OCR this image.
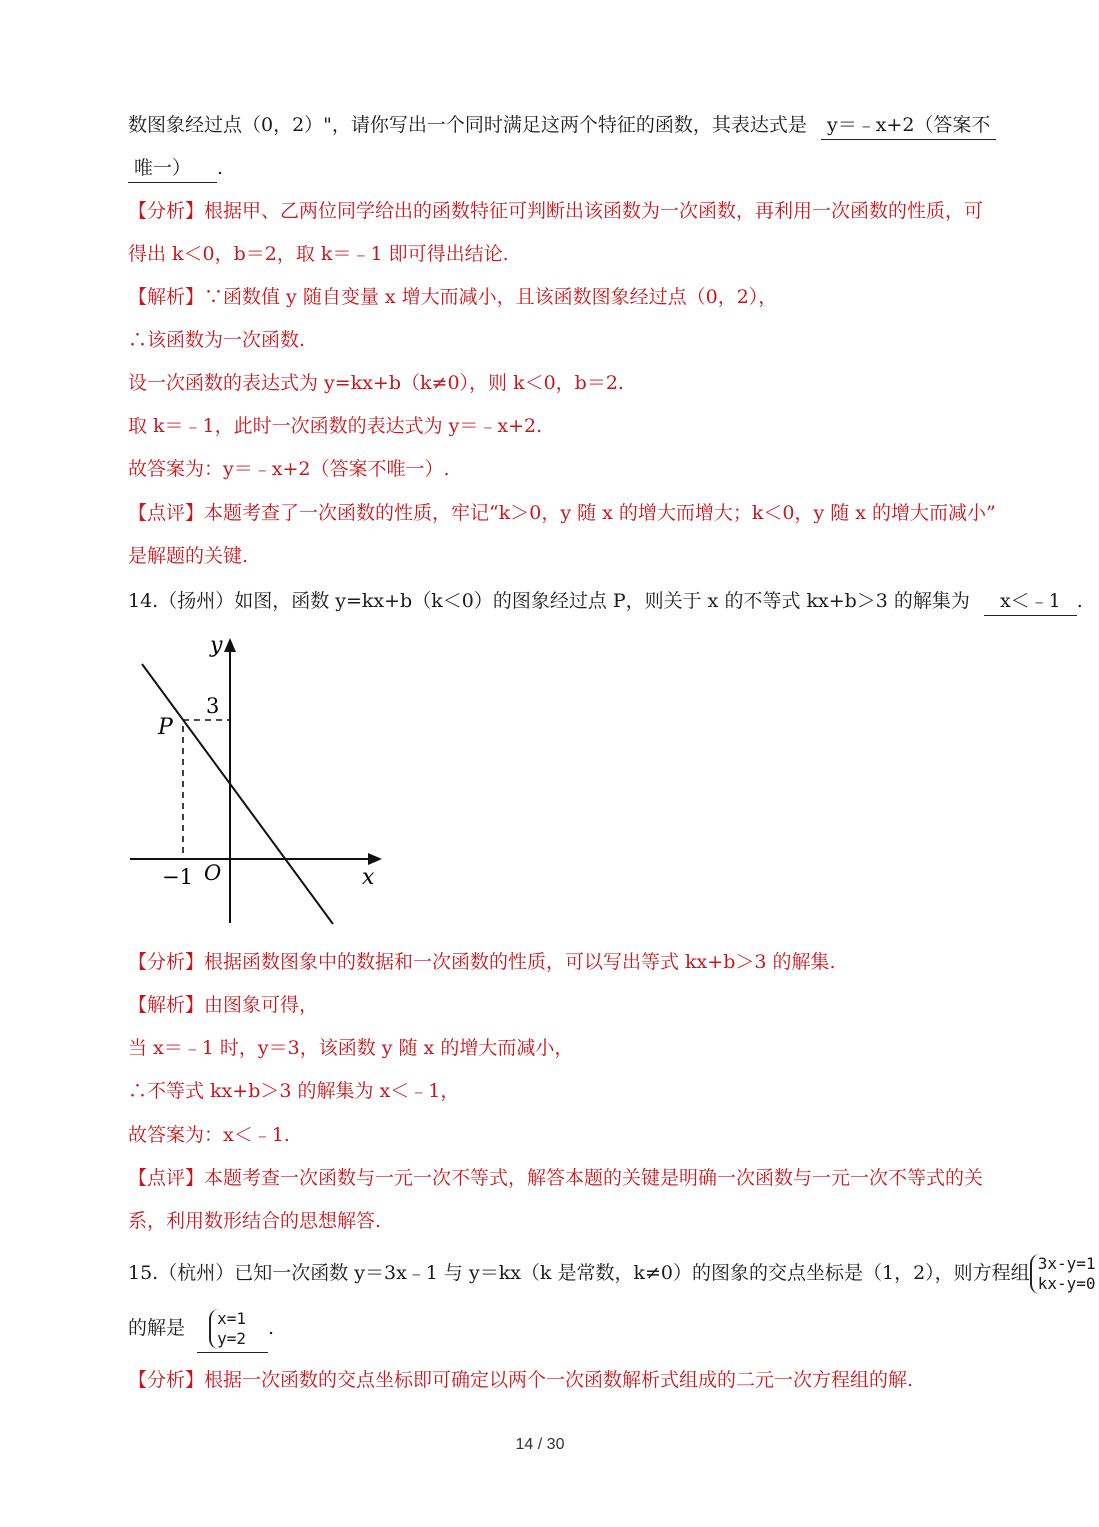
数图象经过点（0，2）"，请你写出一个同时满足这两个特征的函数，其表达式是 y＝﹣x+2（答案不
唯一） .
【分析】根据甲、乙两位同学给出的函数特征可判断出该函数为一次函数，再利用一次函数的性质，可
得出 k＜0，b＝2，取 k＝﹣1 即可得出结论.
【解析】∵函数值 y 随自变量 x 增大而减小，且该函数图象经过点（0，2），
∴该函数为一次函数.
设一次函数的表达式为 y=kx+b（k≠0），则 k＜0，b＝2.
取 k＝﹣1，此时一次函数的表达式为 y＝﹣x+2.
故答案为：y＝﹣x+2（答案不唯一）.
【点评】本题考查了一次函数的性质，牢记“k＞0，y 随 x 的增大而增大；k＜0，y 随 x 的增大而减小”
是解题的关键.
14.（扬州）如图，函数 y=kx+b（k＜0）的图象经过点 P，则关于 x 的不等式 kx+b＞3 的解集为 x＜﹣1 .
y
x
O
P
3
−1
【分析】根据函数图象中的数据和一次函数的性质，可以写出等式 kx+b＞3 的解集.
【解析】由图象可得，
当 x＝﹣1 时，y＝3，该函数 y 随 x 的增大而减小，
∴不等式 kx+b＞3 的解集为 x＜﹣1，
故答案为：x＜﹣1.
【点评】本题考查一次函数与一元一次不等式，解答本题的关键是明确一次函数与一元一次不等式的关
系，利用数形结合的思想解答.
15.（杭州）已知一次函数 y＝3x﹣1 与 y＝kx（k 是常数，k≠0）的图象的交点坐标是（1，2），则方程组 3x-y=1
kx-y=0
的解是 x=1
y=2 .
【分析】根据一次函数的交点坐标即可确定以两个一次函数解析式组成的二元一次方程组的解.
14 / 30
